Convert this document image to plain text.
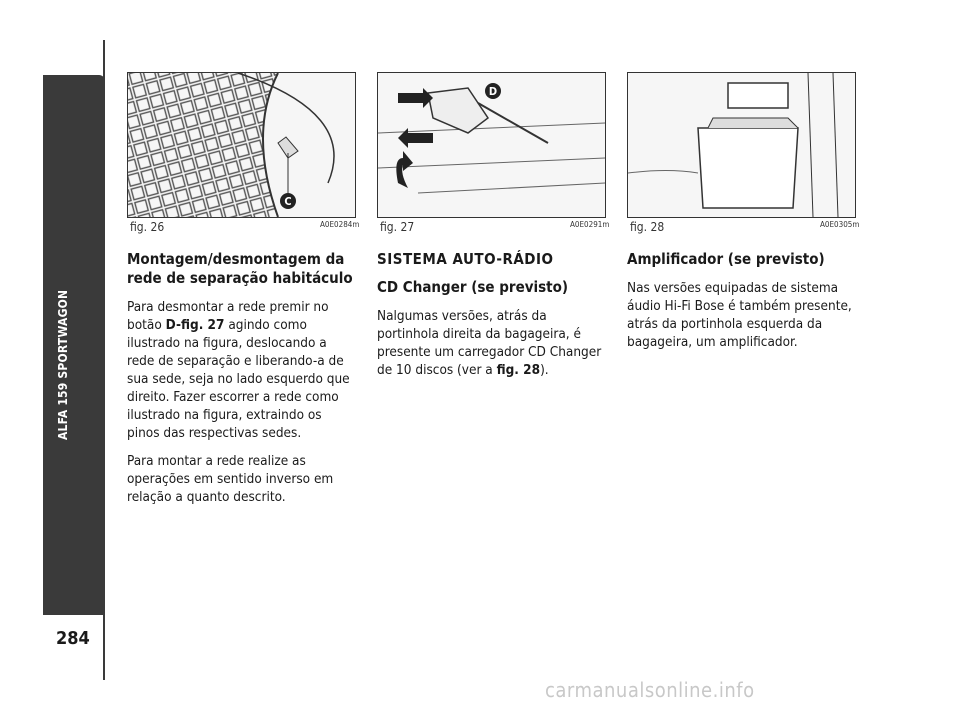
ALFA 159 SPORTWAGON
284
C
fig. 26	A0E0284m
D
fig. 27	A0E0291m fig. 28	A0E0305m
Montagem/desmontagem da rede de separação habitáculo

Para desmontar a rede premir no botão D-fig. 27 agindo como ilustrado na figura, deslocando a rede de separação e liberando-a de sua sede, seja no lado esquerdo que direito. Fazer escorrer a rede como ilustrado na figura, extraindo os pinos das respectivas sedes.

Para montar a rede realize as operações em sentido inverso em relação a quanto descrito.

SISTEMA AUTO-RÁDIO
CD Changer (se previsto)

Nalgumas versões, atrás da portinhola direita da bagageira, é presente um carregador CD Changer de 10 discos (ver a fig. 28).

Amplificador (se previsto)

Nas versões equipadas de sistema áudio Hi-Fi Bose é também presente, atrás da portinhola esquerda da bagageira, um amplificador.

carmanualsonline.info
